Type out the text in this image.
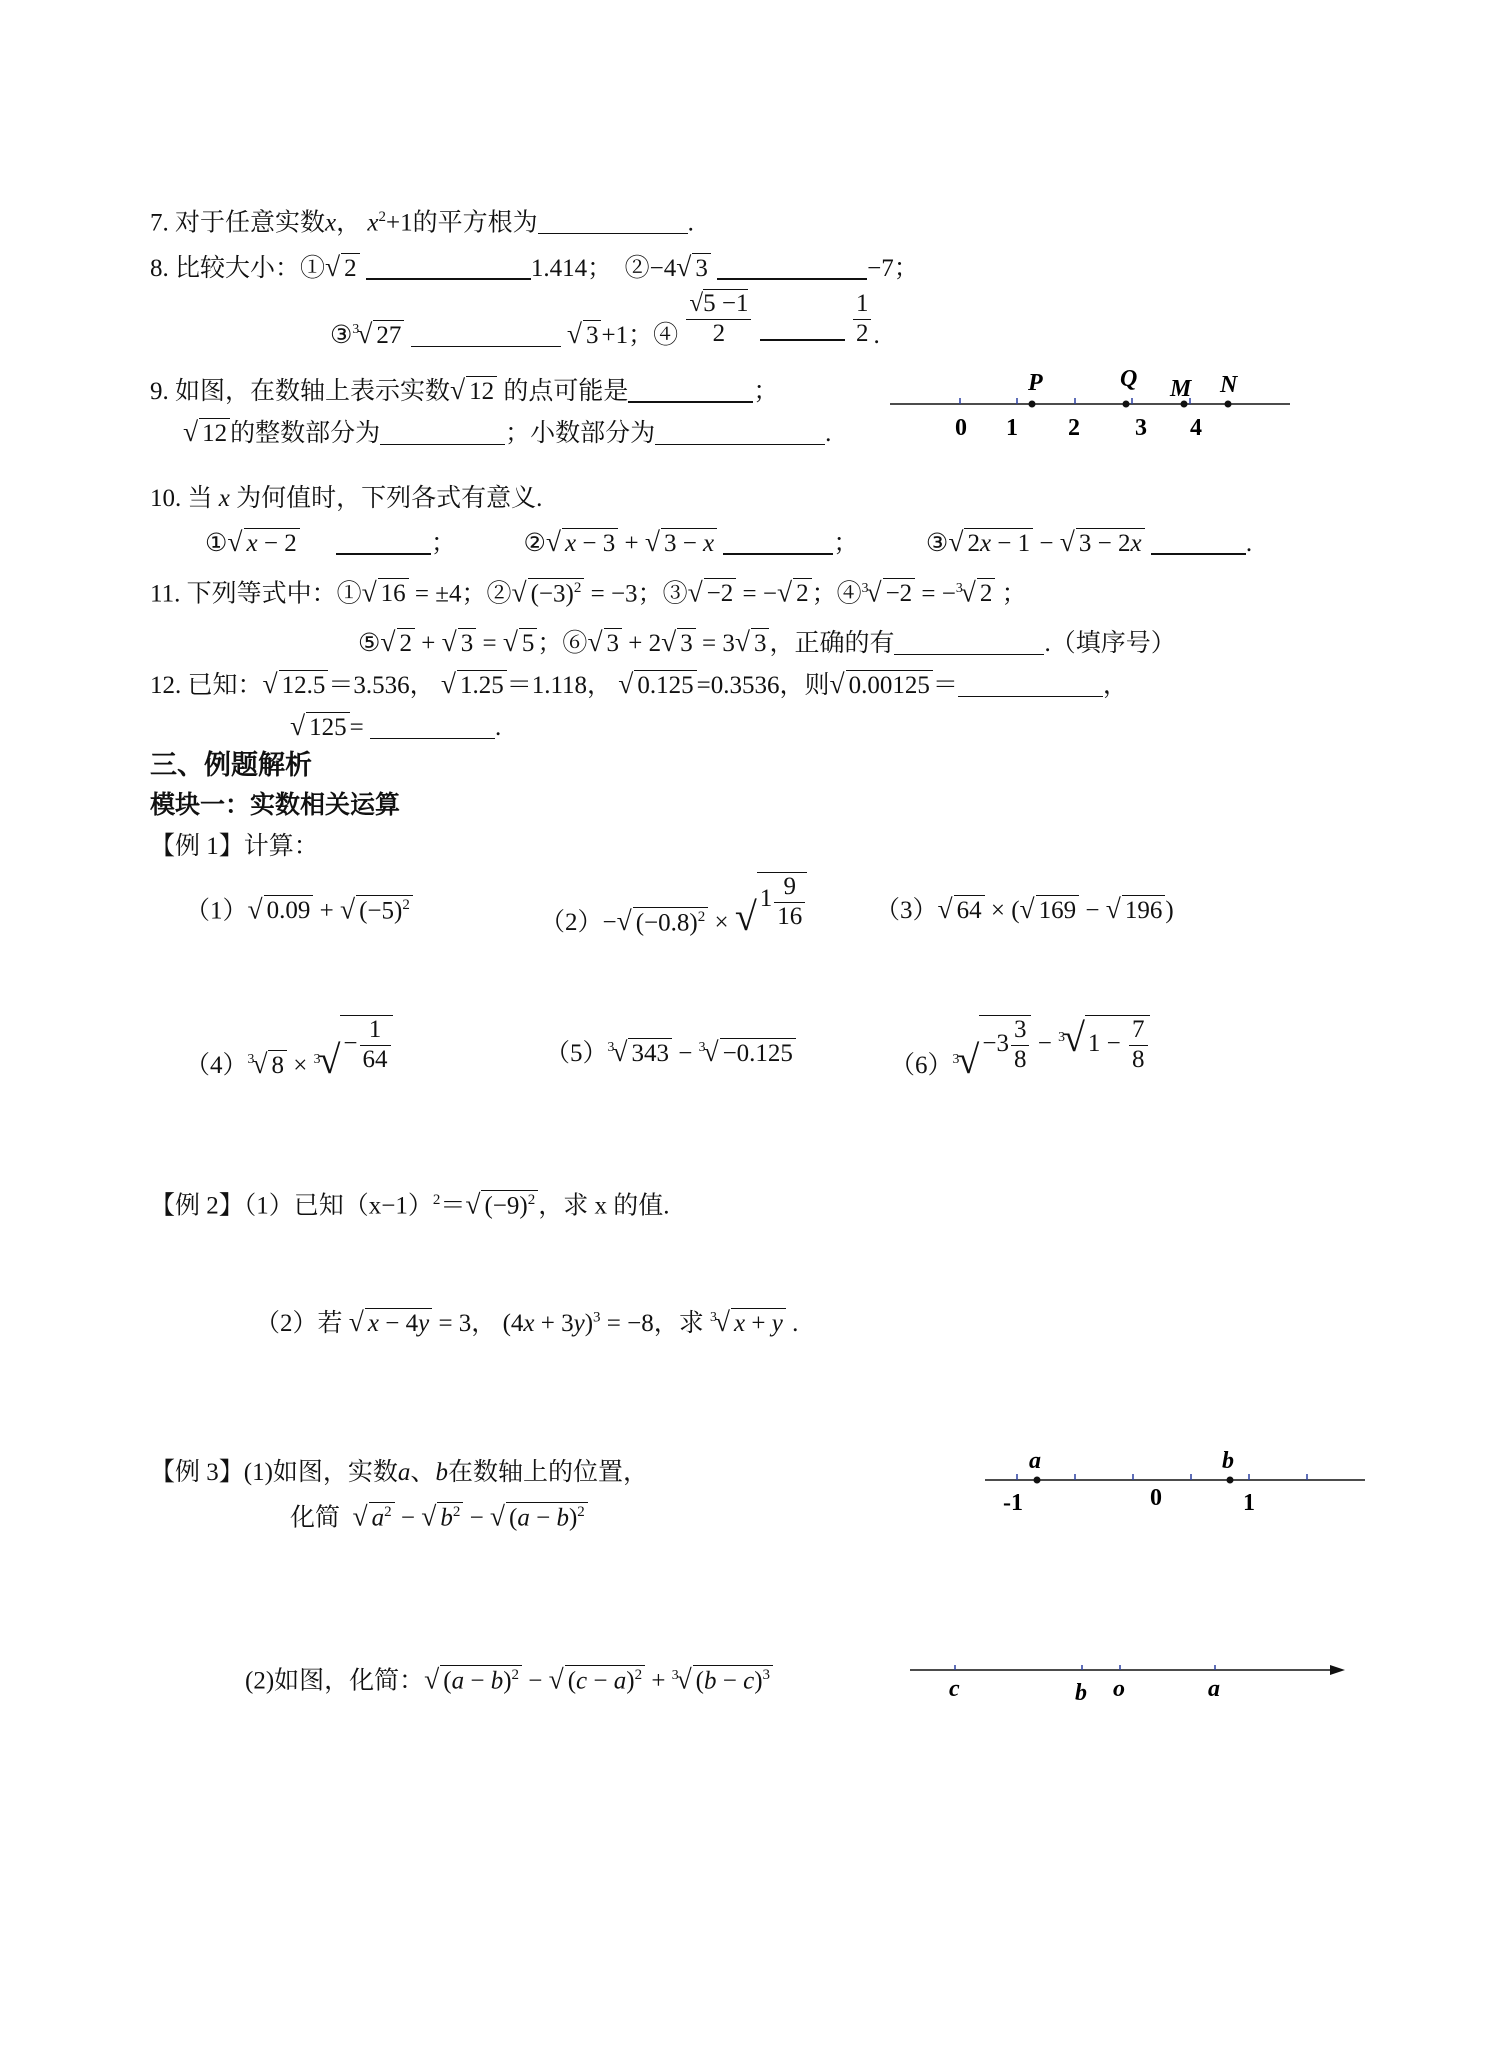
7. 对于任意实数x， $x^2+1$的平方根为	.
8. 比较大小：①√ 2	1.414； ②−4√ 3	−7；
③$^3$√ 27	√ 3 +1；④ $\frac{√5 -1}{2}$
	$\frac{1}{2}$ .
9. 如图，在数轴上表示实数√ 12 的点可能是	；
√ 12 的整数部分为	；小数部分为	.
P	Q M N
0 1 2 3 4
10. 当 x 为何值时，下列各式有意义.
①√ x − 2	；	②√ x − 3 + √ 3 − x	；	③√ 2x − 1 − √ 3 − 2x	.
11. 下列等式中：①√ 16 = ±4；②√ $(-3)^2 = -3$；③√ −2 = −√ 2 ；④$^3$√ −2 = −$^3$√ 2 ；
⑤√ 2 + √ 3 = √ 5 ；⑥√ 3 + 2√ 3 = 3√ 3 ，正确的有	.（填序号）
12. 已知：√ 12.5 ＝3.536， √ 1.25 ＝1.118， √ 0.125 =0.3536，则√ 0.00125 ＝	，
√ 125 =	.
三、例题解析
模块一：实数相关运算
【例 1】计算：
（1）√ 0.09 + √ $(-5)^2$
（2）−√ $(-0.8)^2$ × √ $1 \frac{9}{16}$	（3）√ 64 × (√ 169 − √ 196 )
$(4)^3√$ $8 \times ^3√ - \frac{1}{64}$	$(5)^3√$ 343 − $^3$√ −0.125	$(6)^3√ -3 \frac{3}{8} - ^3√$ $1 - \frac{7}{8}$
【例 2】（1）已知$(x-1)^2=√$ $(-9)^2$ ，求 x 的值.
（2）若 √ x − 4y = 3， $(4x + 3y)^3 = -8$，求 $^3$√ x + y .
【例 3】(1)如图，实数a、b在数轴上的位置，
化简 √ $a^2$ − √ $b^2$ − √ $(a - b)^2$
a	b
-1	0	1
(2)如图，化简：√ $(a - b)^2$ − √ $(c - a)^2 + ^3√$ $(b - c)^3$
c	b o	a
